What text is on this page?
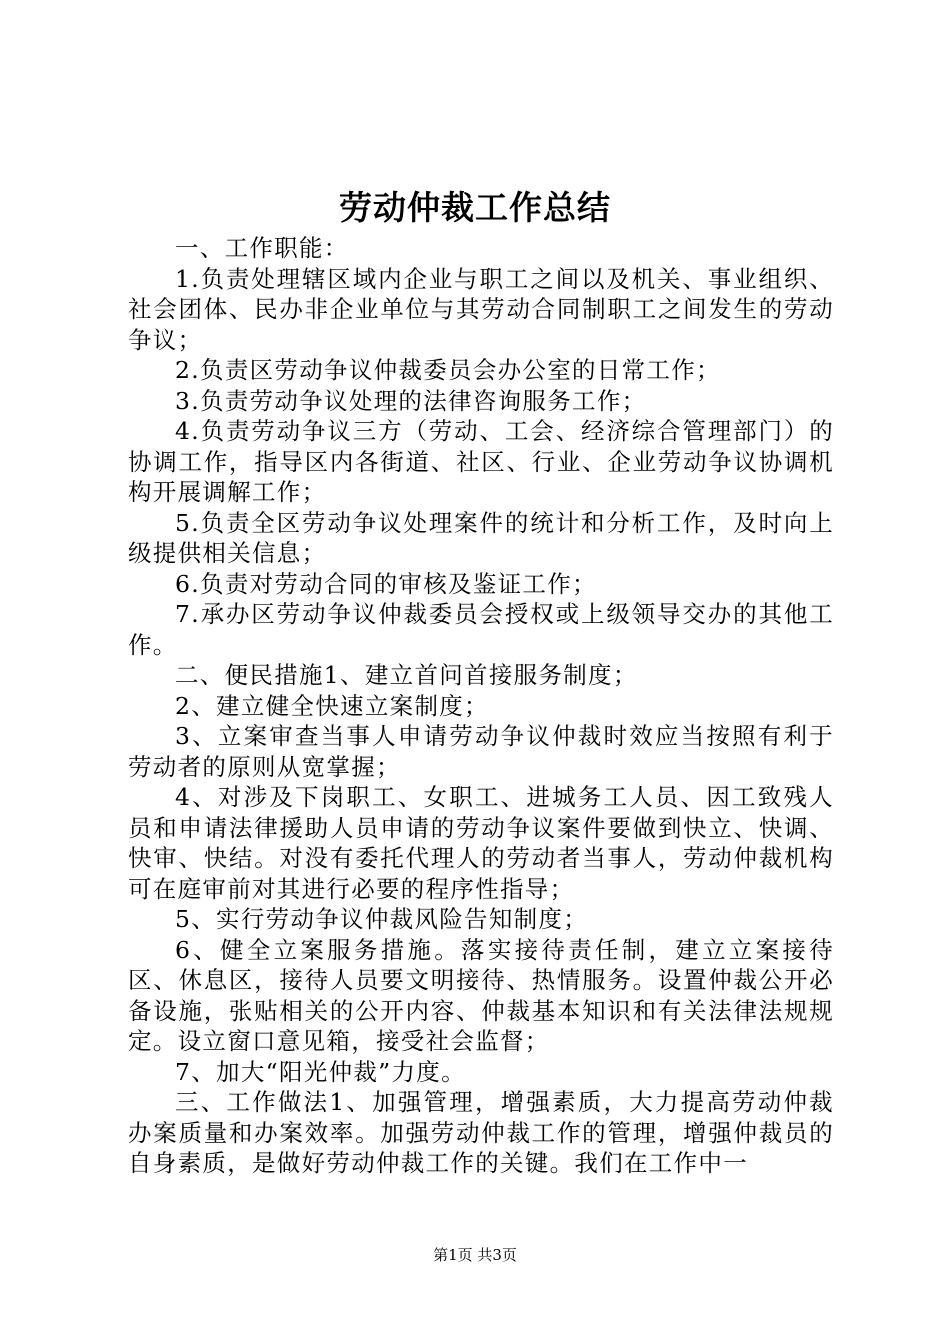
劳动仲裁工作总结

一、工作职能：

1.负责处理辖区域内企业与职工之间以及机关、事业组织、社会团体、民办非企业单位与其劳动合同制职工之间发生的劳动争议；

2.负责区劳动争议仲裁委员会办公室的日常工作；

3.负责劳动争议处理的法律咨询服务工作；

4.负责劳动争议三方（劳动、工会、经济综合管理部门）的协调工作，指导区内各街道、社区、行业、企业劳动争议协调机构开展调解工作；

5.负责全区劳动争议处理案件的统计和分析工作，及时向上级提供相关信息；

6.负责对劳动合同的审核及鉴证工作；

7.承办区劳动争议仲裁委员会授权或上级领导交办的其他工作。

二、便民措施1、建立首问首接服务制度；

2、建立健全快速立案制度；

3、立案审查当事人申请劳动争议仲裁时效应当按照有利于劳动者的原则从宽掌握；

4、对涉及下岗职工、女职工、进城务工人员、因工致残人员和申请法律援助人员申请的劳动争议案件要做到快立、快调、快审、快结。对没有委托代理人的劳动者当事人，劳动仲裁机构可在庭审前对其进行必要的程序性指导；

5、实行劳动争议仲裁风险告知制度；

6、健全立案服务措施。落实接待责任制，建立立案接待区、休息区，接待人员要文明接待、热情服务。设置仲裁公开必备设施，张贴相关的公开内容、仲裁基本知识和有关法律法规规定。设立窗口意见箱，接受社会监督；

7、加大“阳光仲裁”力度。

三、工作做法1、加强管理，增强素质，大力提高劳动仲裁办案质量和办案效率。加强劳动仲裁工作的管理，增强仲裁员的自身素质，是做好劳动仲裁工作的关键。我们在工作中一

第1页 共3页
